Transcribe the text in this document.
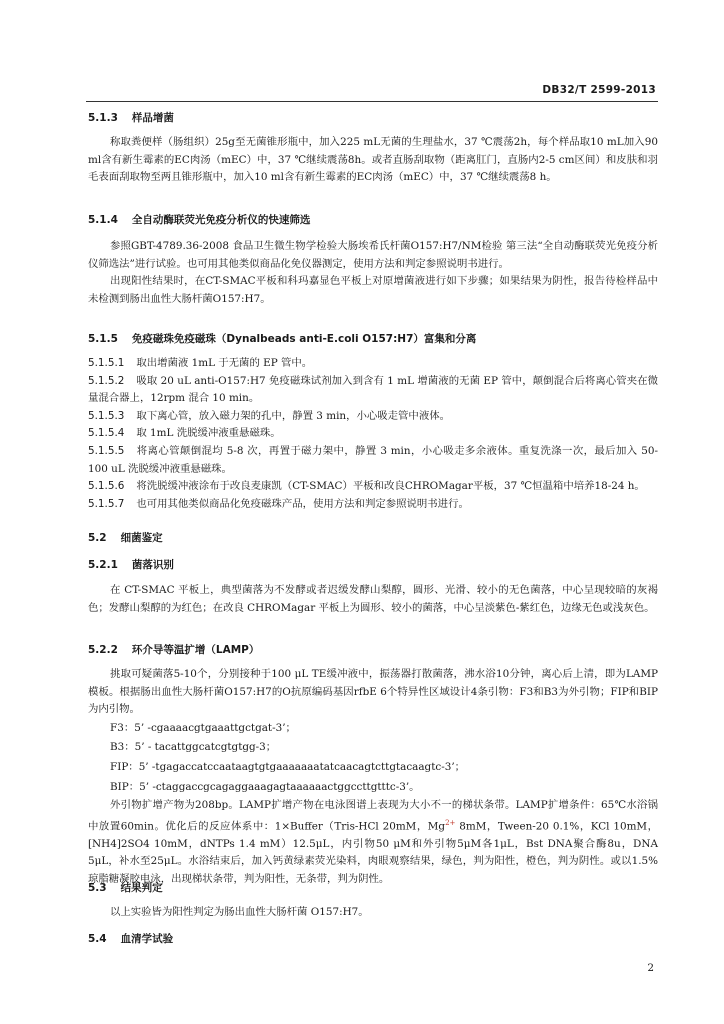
DB32/T 2599-2013
5.1.3 样品增菌

称取粪便样（肠组织）25g至无菌锥形瓶中，加入225 mL无菌的生理盐水，37 ℃震荡2h，每个样品取10 mL加入90 ml含有新生霉素的EC肉汤（mEC）中，37 ℃继续震荡8h。或者直肠刮取物（距离肛门，直肠内2-5 cm区间）和皮肤和羽毛表面刮取物至两且锥形瓶中，加入10 ml含有新生霉素的EC肉汤（mEC）中，37 ℃继续震荡8 h。

5.1.4 全自动酶联荧光免疫分析仪的快速筛选

参照GBT-4789.36-2008 食品卫生微生物学检验大肠埃希氏杆菌O157:H7/NM检验 第三法“全自动酶联荧光免疫分析仪筛选法”进行试验。也可用其他类似商品化免仪器测定，使用方法和判定参照说明书进行。

出现阳性结果时，在CT-SMAC平板和科玛嘉显色平板上对原增菌液进行如下步骤；如果结果为阴性，报告待检样品中未检测到肠出血性大肠杆菌O157:H7。

5.1.5 免疫磁珠免疫磁珠（Dynalbeads anti-E.coli O157:H7）富集和分离

5.1.5.1 取出增菌液 1mL 于无菌的 EP 管中。

5.1.5.2 吸取 20 uL anti-O157:H7 免疫磁珠试剂加入到含有 1 mL 增菌液的无菌 EP 管中，颠倒混合后将离心管夹在微量混合器上，12rpm 混合 10 min。

5.1.5.3 取下离心管，放入磁力架的孔中，静置 3 min，小心吸走管中液体。

5.1.5.4 取 1mL 洗脱缓冲液重悬磁珠。

5.1.5.5 将离心管颠倒混均 5-8 次，再置于磁力架中，静置 3 min，小心吸走多余液体。重复洗涤一次，最后加入 50-100 uL 洗脱缓冲液重悬磁珠。

5.1.5.6 将洗脱缓冲液涂布于改良麦康凯（CT-SMAC）平板和改良CHROMagar平板，37 ℃恒温箱中培养18-24 h。

5.1.5.7 也可用其他类似商品化免疫磁珠产品，使用方法和判定参照说明书进行。

5.2 细菌鉴定
5.2.1 菌落识别

在 CT-SMAC 平板上，典型菌落为不发酵或者迟缓发酵山梨醇，圆形、光滑、较小的无色菌落，中心呈现较暗的灰褐色；发酵山梨醇的为红色；在改良 CHROMagar 平板上为圆形、较小的菌落，中心呈淡紫色-紫红色，边缘无色或浅灰色。

5.2.2 环介导等温扩增（LAMP）

挑取可疑菌落5-10个，分别接种于100 μL TE缓冲液中，振荡器打散菌落，沸水浴10分钟，离心后上清，即为LAMP模板。根据肠出血性大肠杆菌O157:H7的O抗原编码基因rfbE 6个特异性区域设计4条引物：F3和B3为外引物；FIP和BIP为内引物。

F3：5’ -cgaaaacgtgaaattgctgat-3’；

B3：5’ - tacattggcatcgtgtgg-3；

FIP：5’ -tgagaccatccaataagtgtgaaaaaaatatcaacagtcttgtacaagtc-3’；

BIP：5’ -ctaggaccgcagaggaaagagtaaaaaactggccttgtttc-3’。

外引物扩增产物为208bp。LAMP扩增产物在电泳图谱上表现为大小不一的梯状条带。LAMP扩增条件：65℃水浴锅中放置60min。优化后的反应体系中：1×Buffer（Tris-HCl 20mM，$Mg^{2+}$ 8mM，Tween-20 0.1%，KCl 10mM，[NH4]2SO4 10mM，dNTPs 1.4 mM）12.5μL，内引物50 μM和外引物5μM各1μL，Bst DNA聚合酶8u，DNA 5μL，补水至25μL。水浴结束后，加入钙黄绿素荧光染料，肉眼观察结果，绿色，判为阳性，橙色，判为阴性。或以1.5%琼脂糖凝胶电泳，出现梯状条带，判为阳性，无条带，判为阴性。

5.3 结果判定

以上实验皆为阳性判定为肠出血性大肠杆菌 O157:H7。

5.4 血清学试验
2
